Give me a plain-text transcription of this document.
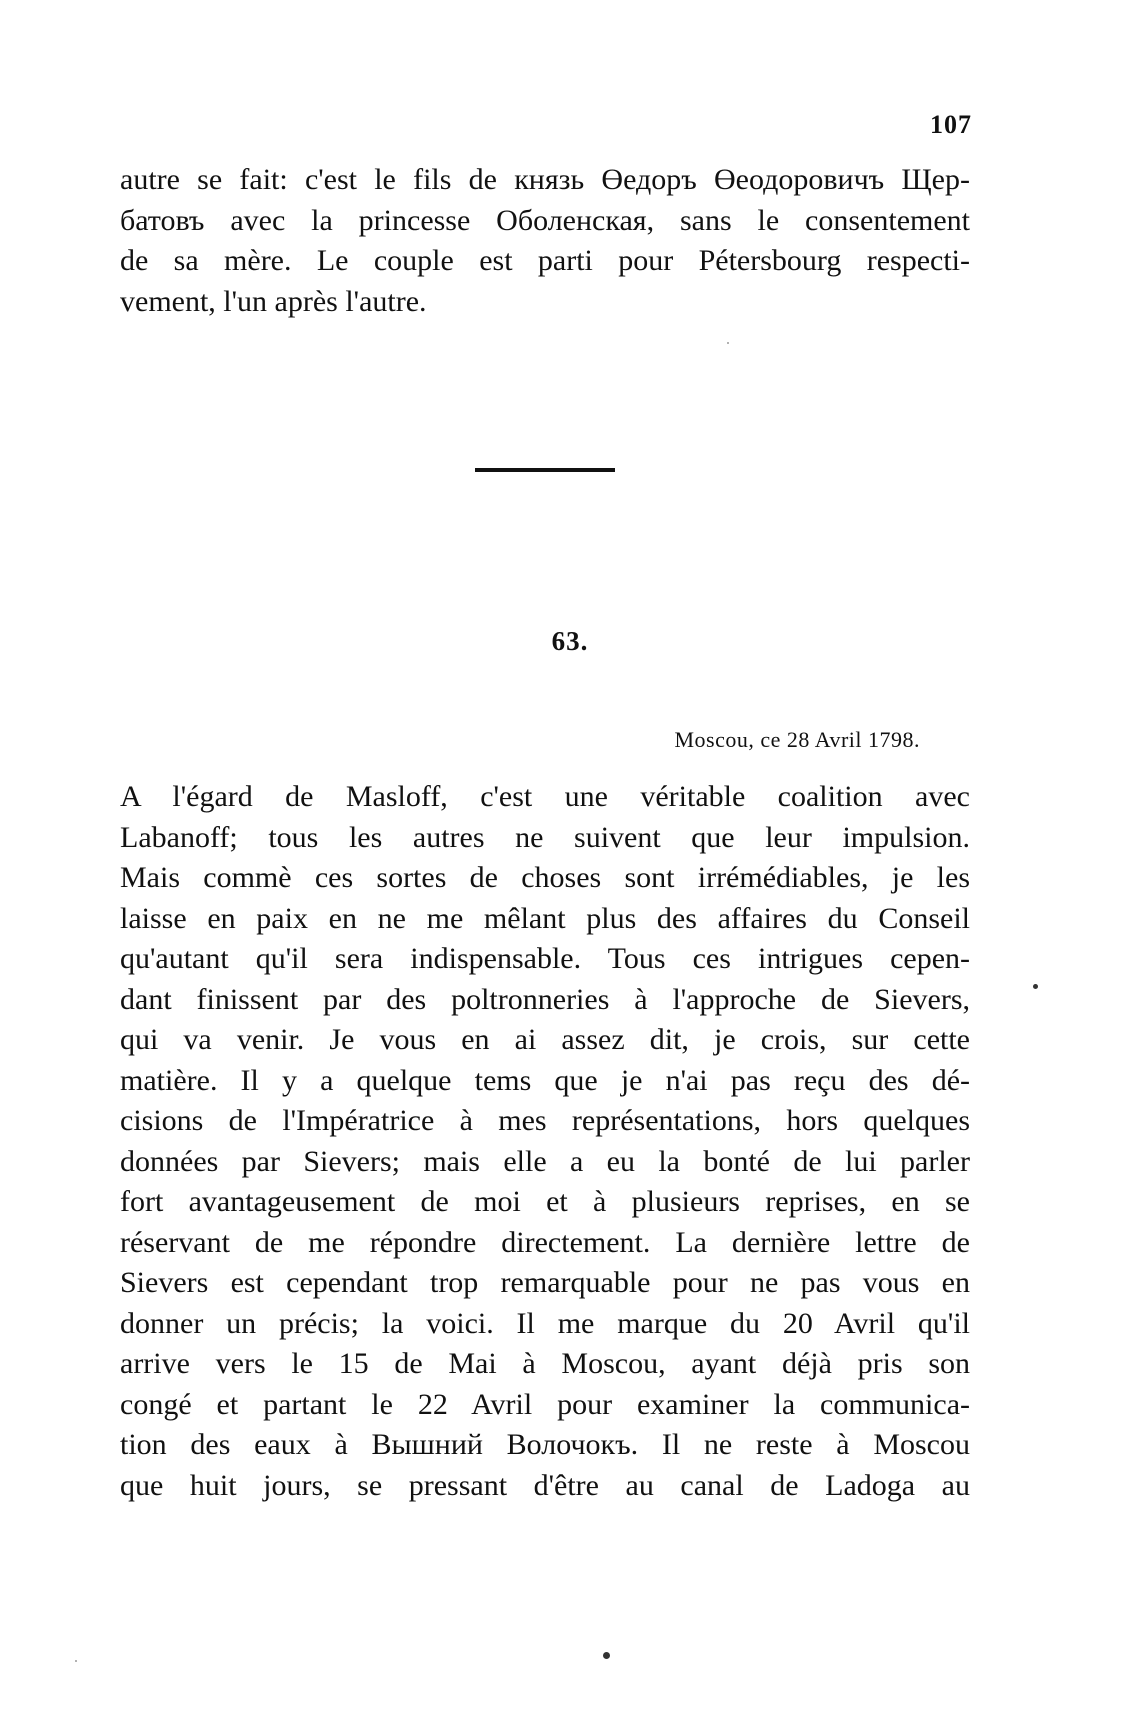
107
autre se fait: c'est le fils de князь Өедоръ Өеодоровичъ Щер-
батовъ avec la princesse Оболенская, sans le consentement
de sa mère. Le couple est parti pour Pétersbourg respecti-
vement, l'un après l'autre.
63.
Moscou, ce 28 Avril 1798.
A l'égard de Masloff, c'est une véritable coalition avec
Labanoff; tous les autres ne suivent que leur impulsion.
Mais commè ces sortes de choses sont irrémédiables, je les
laisse en paix en ne me mêlant plus des affaires du Conseil
qu'autant qu'il sera indispensable. Tous ces intrigues cepen-
dant finissent par des poltronneries à l'approche de Sievers,
qui va venir. Je vous en ai assez dit, je crois, sur cette
matière. Il y a quelque tems que je n'ai pas reçu des dé-
cisions de l'Impératrice à mes représentations, hors quelques
données par Sievers; mais elle a eu la bonté de lui parler
fort avantageusement de moi et à plusieurs reprises, en se
réservant de me répondre directement. La dernière lettre de
Sievers est cependant trop remarquable pour ne pas vous en
donner un précis; la voici. Il me marque du 20 Avril qu'il
arrive vers le 15 de Mai à Moscou, ayant déjà pris son
congé et partant le 22 Avril pour examiner la communica-
tion des eaux à Вышний Волочокъ. Il ne reste à Moscou
que huit jours, se pressant d'être au canal de Ladoga au
